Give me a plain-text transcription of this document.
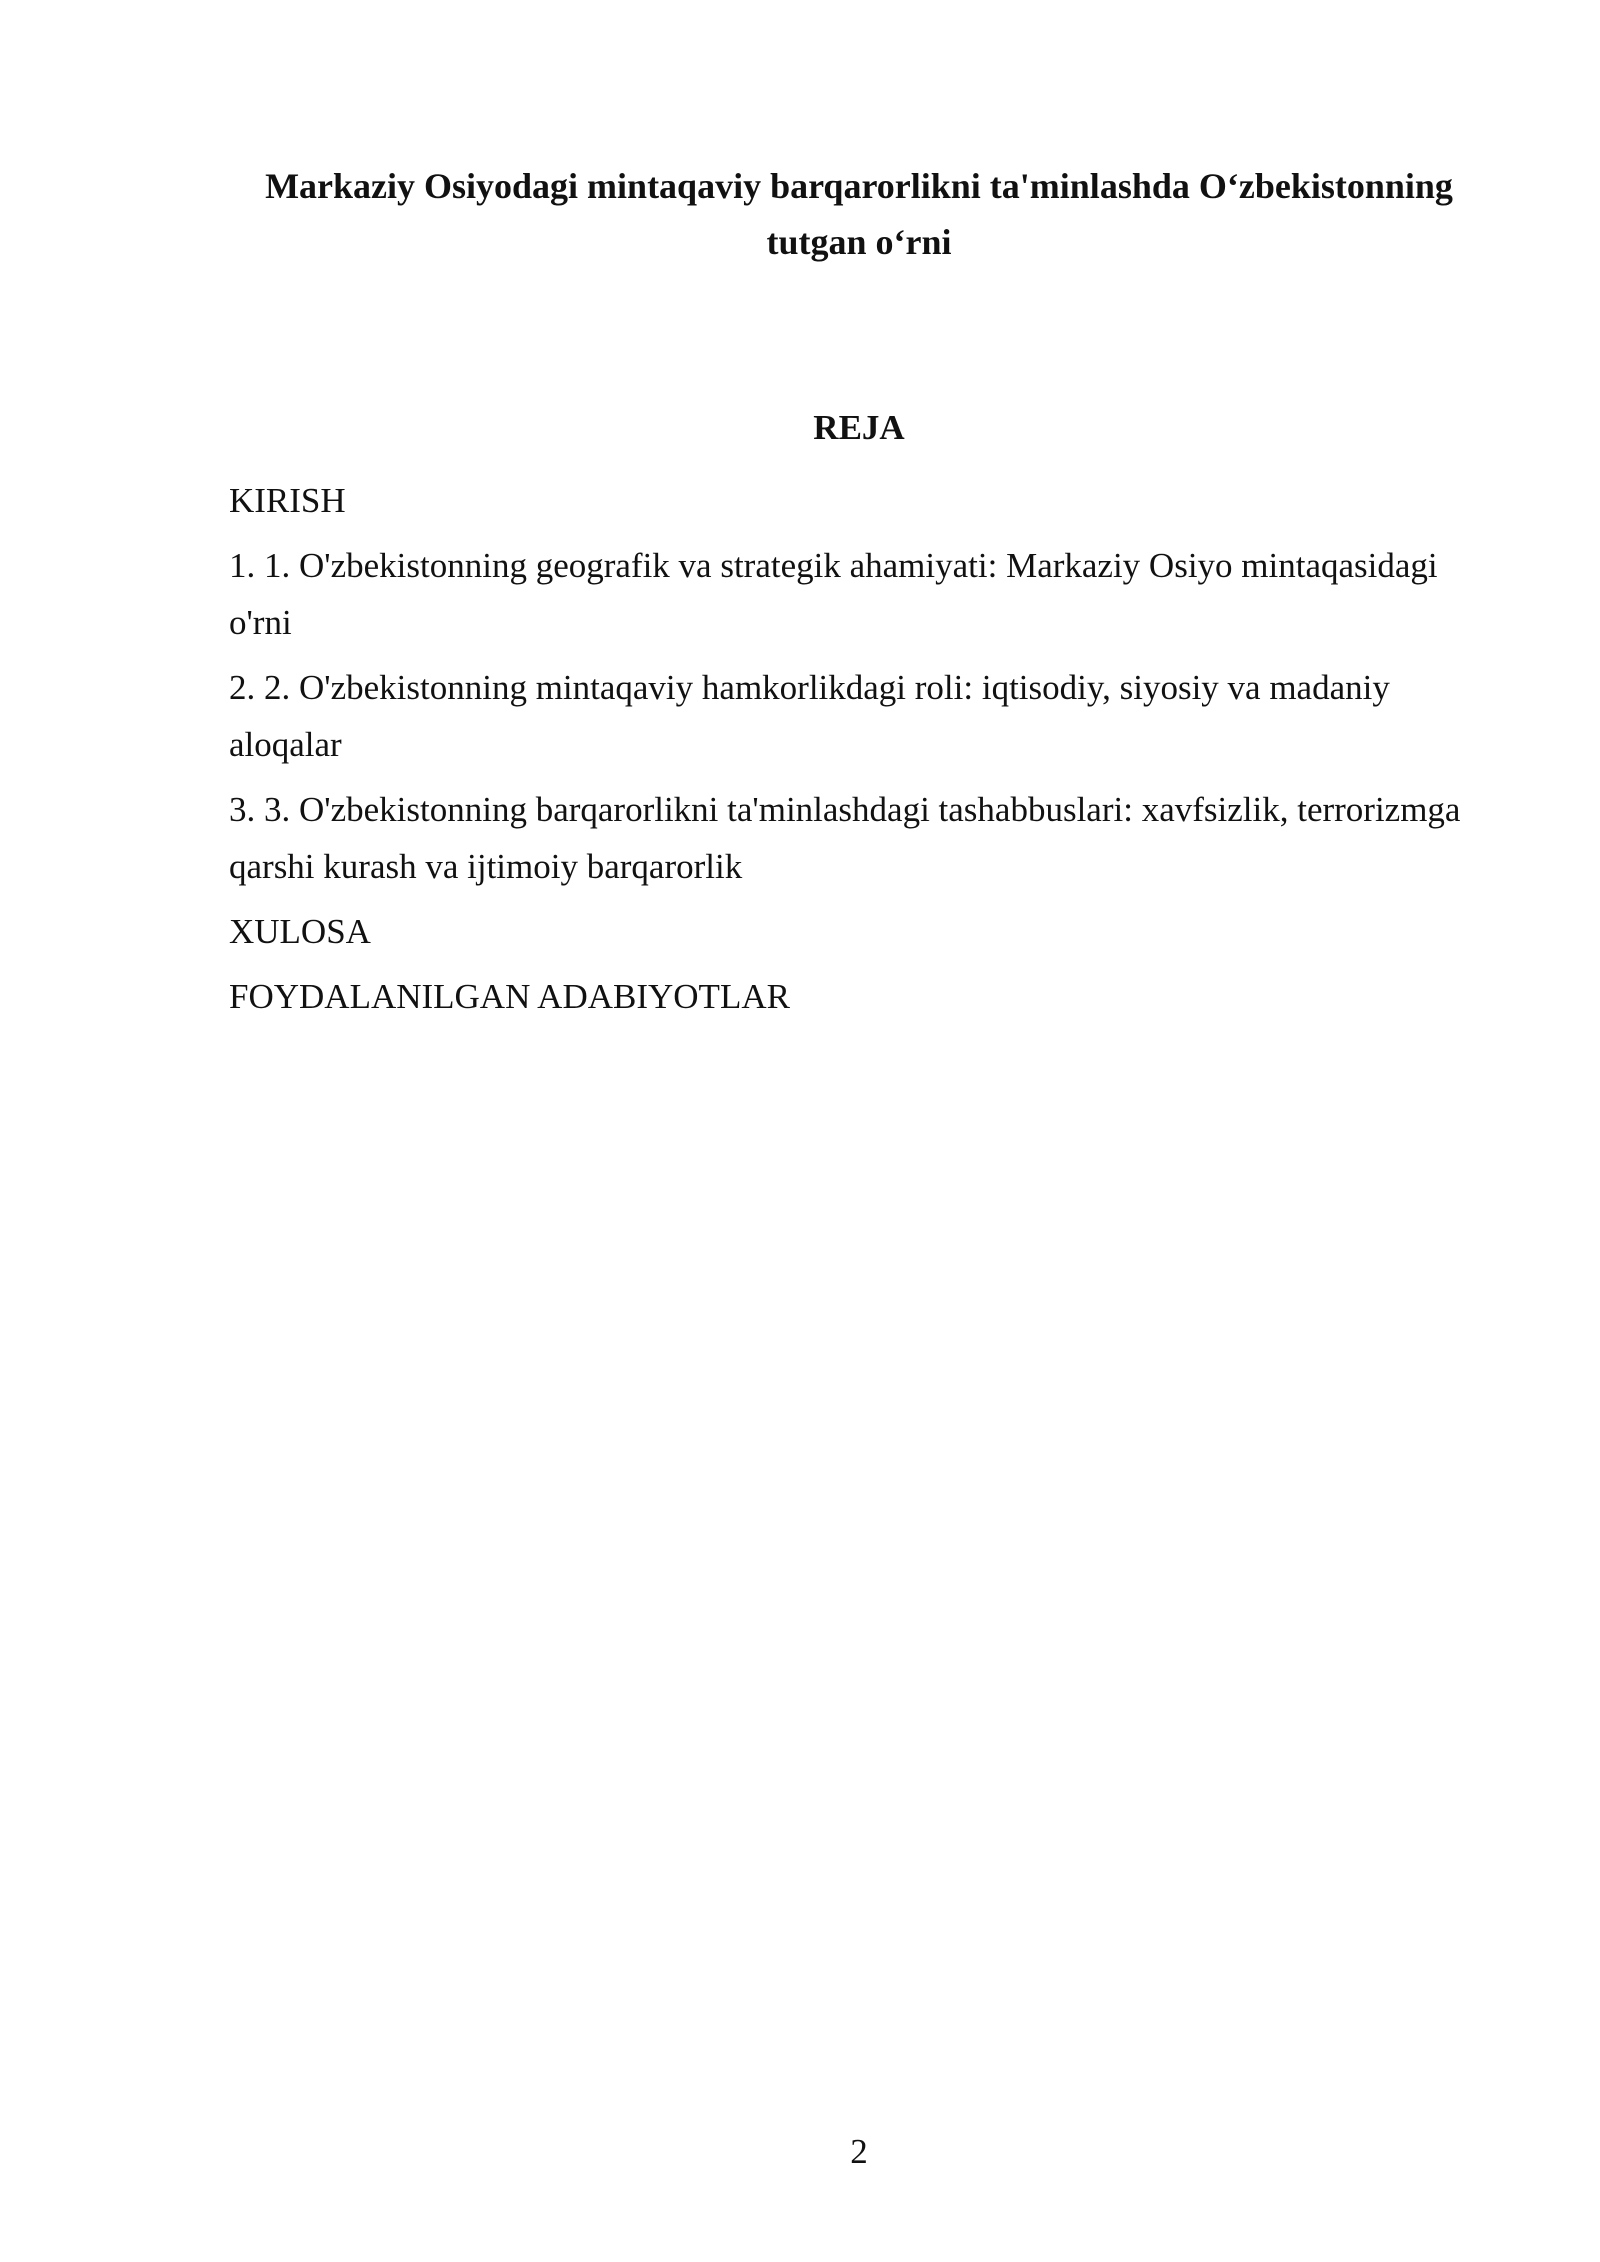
Markaziy Osiyodagi mintaqaviy barqarorlikni ta'minlashda O‘zbekistonning tutgan o‘rni
REJA
KIRISH
1. 1. O'zbekistonning geografik va strategik ahamiyati: Markaziy Osiyo mintaqasidagi o'rni
2. 2. O'zbekistonning mintaqaviy hamkorlikdagi roli: iqtisodiy, siyosiy va madaniy aloqalar
3. 3. O'zbekistonning barqarorlikni ta'minlashdagi tashabbuslari: xavfsizlik, terrorizmga qarshi kurash va ijtimoiy barqarorlik
XULOSA
FOYDALANILGAN ADABIYOTLAR
2
